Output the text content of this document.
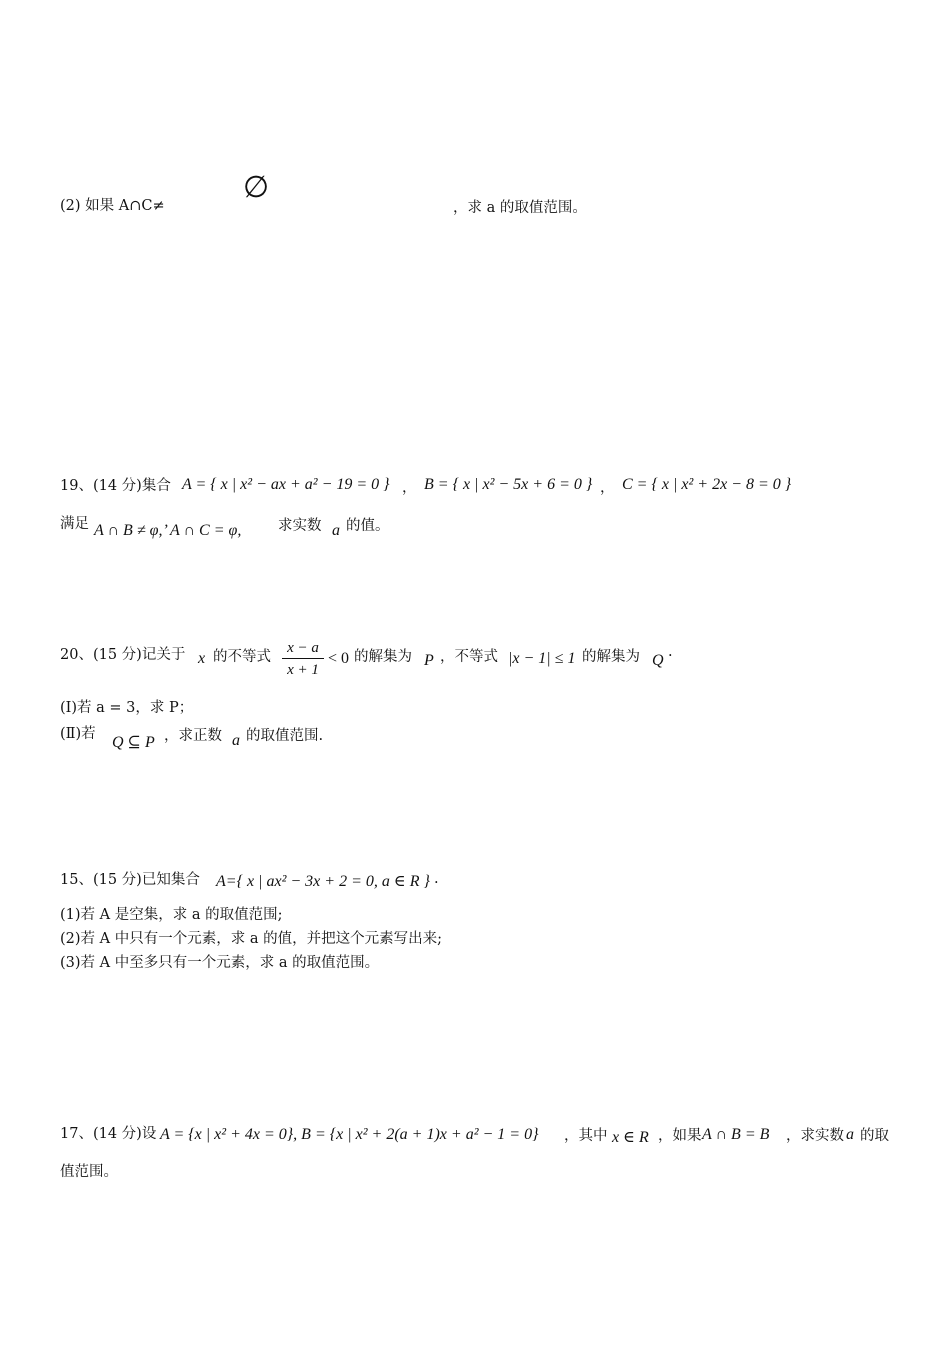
(2) 如果 A∩C≠
∅
，求 a 的取值范围。
19、(14 分)集合 A = { x | x² − ax + a² − 19 = 0 } ， B = { x | x² − 5x + 6 = 0 } ， C = { x | x² + 2x − 8 = 0 }
满足 A ∩ B ≠ φ,’ A ∩ C = φ,	求实数 a 的值。
20、(15 分)记关于 x 的不等式 $\frac{x - a}{x + 1} < 0$ 的解集为 P ，不等式 |x − 1| ≤ 1 的解集为 Q ·
(Ⅰ)若 a = 3，求 P；
(Ⅱ)若 Q ⊆ P ，求正数 a 的取值范围.
15、(15 分)已知集合 A={ x | ax² − 3x + 2 = 0, a ∈ R } .
(1)若 A 是空集，求 a 的取值范围;
(2)若 A 中只有一个元素，求 a 的值，并把这个元素写出来;
(3)若 A 中至多只有一个元素，求 a 的取值范围。
17、(14 分)设 A = {x | x² + 4x = 0}, B = {x | x² + 2(a + 1)x + a² − 1 = 0} ，其中 x ∈ R ，如果 A ∩ B = B ，求实数 a 的取
值范围。
